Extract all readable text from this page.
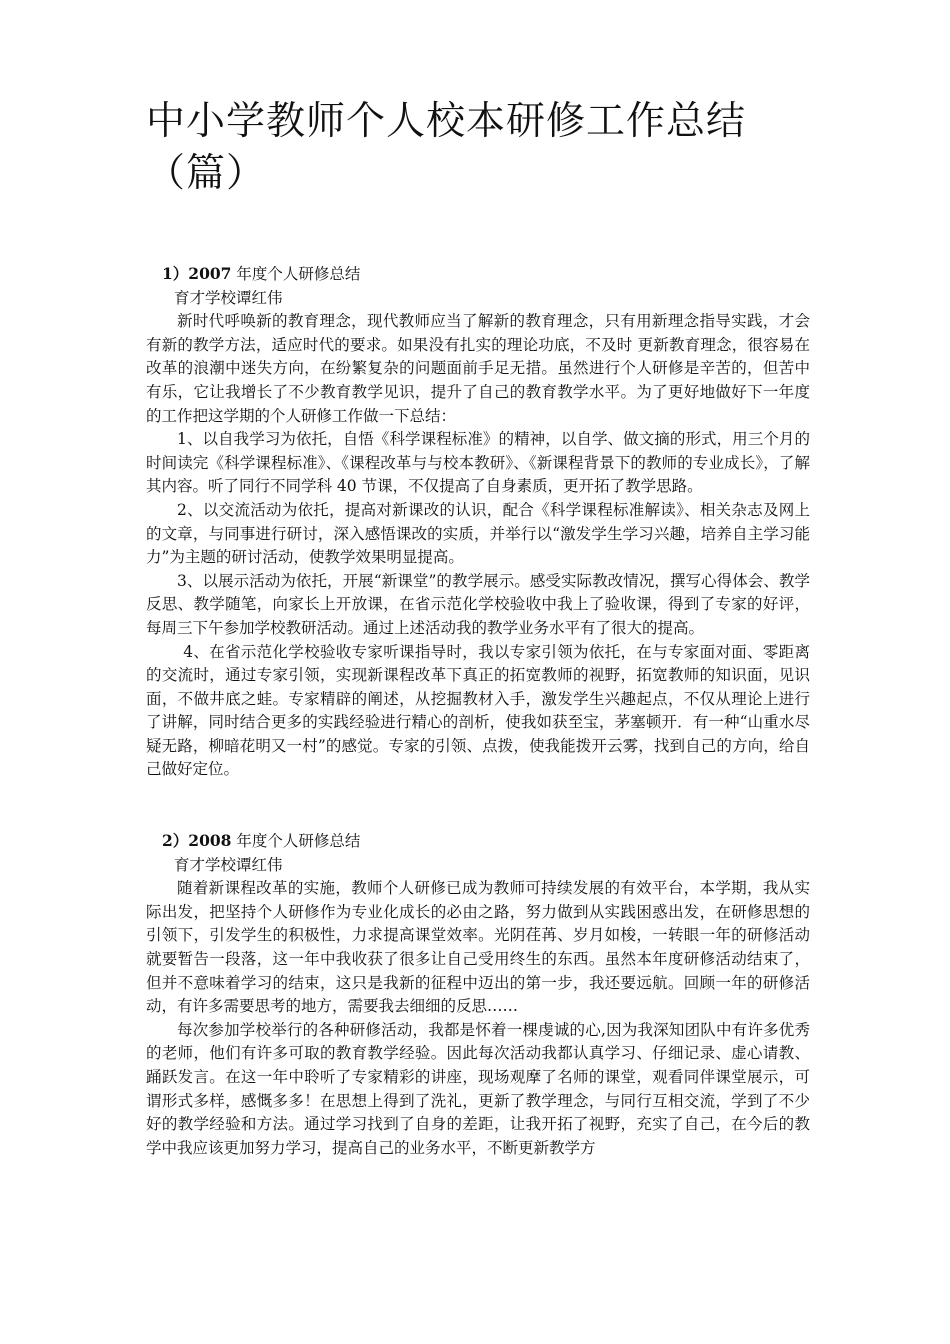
中小学教师个人校本研修工作总结（篇）

1）2007 年度个人研修总结

育才学校谭红伟

新时代呼唤新的教育理念，现代教师应当了解新的教育理念，只有用新理念指导实践，才会有新的教学方法，适应时代的要求。如果没有扎实的理论功底，不及时 更新教育理念，很容易在改革的浪潮中迷失方向，在纷繁复杂的问题面前手足无措。虽然进行个人研修是辛苦的，但苦中有乐，它让我增长了不少教育教学见识，提升了自己的教育教学水平。为了更好地做好下一年度的工作把这学期的个人研修工作做一下总结：

1、以自我学习为依托，自悟《科学课程标准》的精神，以自学、做文摘的形式，用三个月的时间读完《科学课程标准》、《课程改革与与校本教研》、《新课程背景下的教师的专业成长》，了解其内容。听了同行不同学科 40 节课，不仅提高了自身素质，更开拓了教学思路。

2、以交流活动为依托，提高对新课改的认识，配合《科学课程标准解读》、相关杂志及网上的文章，与同事进行研讨，深入感悟课改的实质，并举行以“激发学生学习兴趣，培养自主学习能力”为主题的研讨活动，使教学效果明显提高。

3、以展示活动为依托，开展“新课堂”的教学展示。感受实际教改情况，撰写心得体会、教学反思、教学随笔，向家长上开放课，在省示范化学校验收中我上了验收课，得到了专家的好评，每周三下午参加学校教研活动。通过上述活动我的教学业务水平有了很大的提高。

4、在省示范化学校验收专家听课指导时，我以专家引领为依托，在与专家面对面、零距离的交流时，通过专家引领，实现新课程改革下真正的拓宽教师的视野，拓宽教师的知识面，见识面，不做井底之蛙。专家精辟的阐述，从挖掘教材入手，激发学生兴趣起点，不仅从理论上进行了讲解，同时结合更多的实践经验进行精心的剖析，使我如获至宝，茅塞顿开．有一种“山重水尽疑无路，柳暗花明又一村”的感觉。专家的引领、点拨，使我能拨开云雾，找到自己的方向，给自己做好定位。

2）2008 年度个人研修总结

育才学校谭红伟

随着新课程改革的实施，教师个人研修已成为教师可持续发展的有效平台，本学期，我从实际出发，把坚持个人研修作为专业化成长的必由之路，努力做到从实践困惑出发，在研修思想的引领下，引发学生的积极性，力求提高课堂效率。光阴荏苒、岁月如梭，一转眼一年的研修活动就要暂告一段落，这一年中我收获了很多让自己受用终生的东西。虽然本年度研修活动结束了，但并不意味着学习的结束，这只是我新的征程中迈出的第一步，我还要远航。回顾一年的研修活动，有许多需要思考的地方，需要我去细细的反思……

每次参加学校举行的各种研修活动，我都是怀着一棵虔诚的心,因为我深知团队中有许多优秀的老师，他们有许多可取的教育教学经验。因此每次活动我都认真学习、仔细记录、虚心请教、踊跃发言。在这一年中聆听了专家精彩的讲座，现场观摩了名师的课堂，观看同伴课堂展示，可谓形式多样，感慨多多！在思想上得到了洗礼，更新了教学理念，与同行互相交流，学到了不少好的教学经验和方法。通过学习找到了自身的差距，让我开拓了视野，充实了自己，在今后的教学中我应该更加努力学习，提高自己的业务水平，不断更新教学方
